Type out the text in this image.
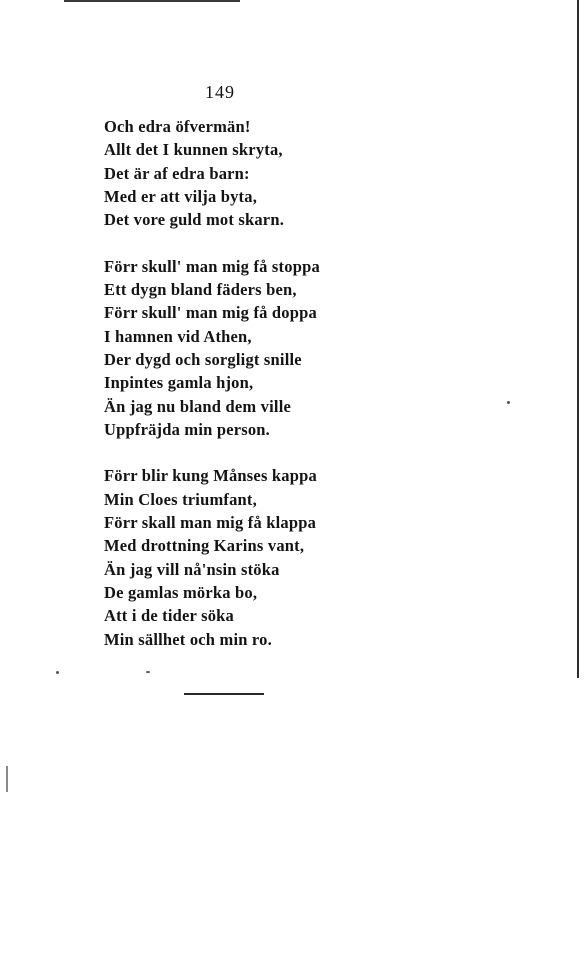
149
Och edra öfvermän!
Allt det I kunnen skryta,
Det är af edra barn:
Med er att vilja byta,
Det vore guld mot skarn.
Förr skull' man mig få stoppa
Ett dygn bland fäders ben,
Förr skull' man mig få doppa
I hamnen vid Athen,
Der dygd och sorgligt snille
Inpintes gamla hjon,
Än jag nu bland dem ville
Uppfräjda min person.
Förr blir kung Månses kappa
Min Cloes triumfant,
Förr skall man mig få klappa
Med drottning Karins vant,
Än jag vill nå'nsin stöka
De gamlas mörka bo,
Att i de tider söka
Min sällhet och min ro.
